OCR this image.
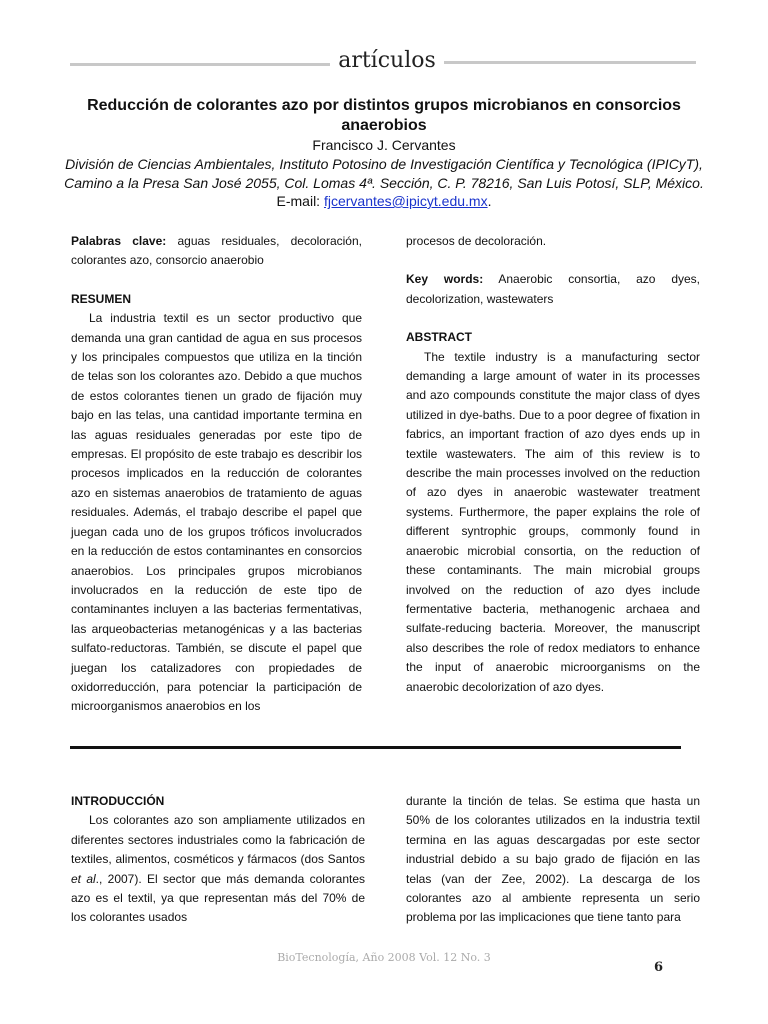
artículos
Reducción de colorantes azo por distintos grupos microbianos en consorcios anaerobios
Francisco J. Cervantes
División de Ciencias Ambientales, Instituto Potosino de Investigación Científica y Tecnológica (IPICyT), Camino a la Presa San José 2055, Col. Lomas 4ª. Sección, C. P. 78216, San Luis Potosí, SLP, México. E-mail: fjcervantes@ipicyt.edu.mx.

Palabras clave: aguas residuales, decoloración, colorantes azo, consorcio anaerobio

RESUMEN

La industria textil es un sector productivo que demanda una gran cantidad de agua en sus procesos y los principales compuestos que utiliza en la tinción de telas son los colorantes azo. Debido a que muchos de estos colorantes tienen un grado de fijación muy bajo en las telas, una cantidad importante termina en las aguas residuales generadas por este tipo de empresas. El propósito de este trabajo es describir los procesos implicados en la reducción de colorantes azo en sistemas anaerobios de tratamiento de aguas residuales. Además, el trabajo describe el papel que juegan cada uno de los grupos tróficos involucrados en la reducción de estos contaminantes en consorcios anaerobios. Los principales grupos microbianos involucrados en la reducción de este tipo de contaminantes incluyen a las bacterias fermentativas, las arqueobacterias metanogénicas y a las bacterias sulfato-reductoras. También, se discute el papel que juegan los catalizadores con propiedades de oxidorreducción, para potenciar la participación de microorganismos anaerobios en los

procesos de decoloración.

Key words: Anaerobic consortia, azo dyes, decolorization, wastewaters

ABSTRACT

The textile industry is a manufacturing sector demanding a large amount of water in its processes and azo compounds constitute the major class of dyes utilized in dye-baths. Due to a poor degree of fixation in fabrics, an important fraction of azo dyes ends up in textile wastewaters. The aim of this review is to describe the main processes involved on the reduction of azo dyes in anaerobic wastewater treatment systems. Furthermore, the paper explains the role of different syntrophic groups, commonly found in anaerobic microbial consortia, on the reduction of these contaminants. The main microbial groups involved on the reduction of azo dyes include fermentative bacteria, methanogenic archaea and sulfate-reducing bacteria. Moreover, the manuscript also describes the role of redox mediators to enhance the input of anaerobic microorganisms on the anaerobic decolorization of azo dyes.

INTRODUCCIÓN

Los colorantes azo son ampliamente utilizados en diferentes sectores industriales como la fabricación de textiles, alimentos, cosméticos y fármacos (dos Santos et al., 2007). El sector que más demanda colorantes azo es el textil, ya que representan más del 70% de los colorantes usados

durante la tinción de telas. Se estima que hasta un 50% de los colorantes utilizados en la industria textil termina en las aguas descargadas por este sector industrial debido a su bajo grado de fijación en las telas (van der Zee, 2002). La descarga de los colorantes azo al ambiente representa un serio problema por las implicaciones que tiene tanto para

BioTecnología, Año 2008 Vol. 12 No. 3
6
